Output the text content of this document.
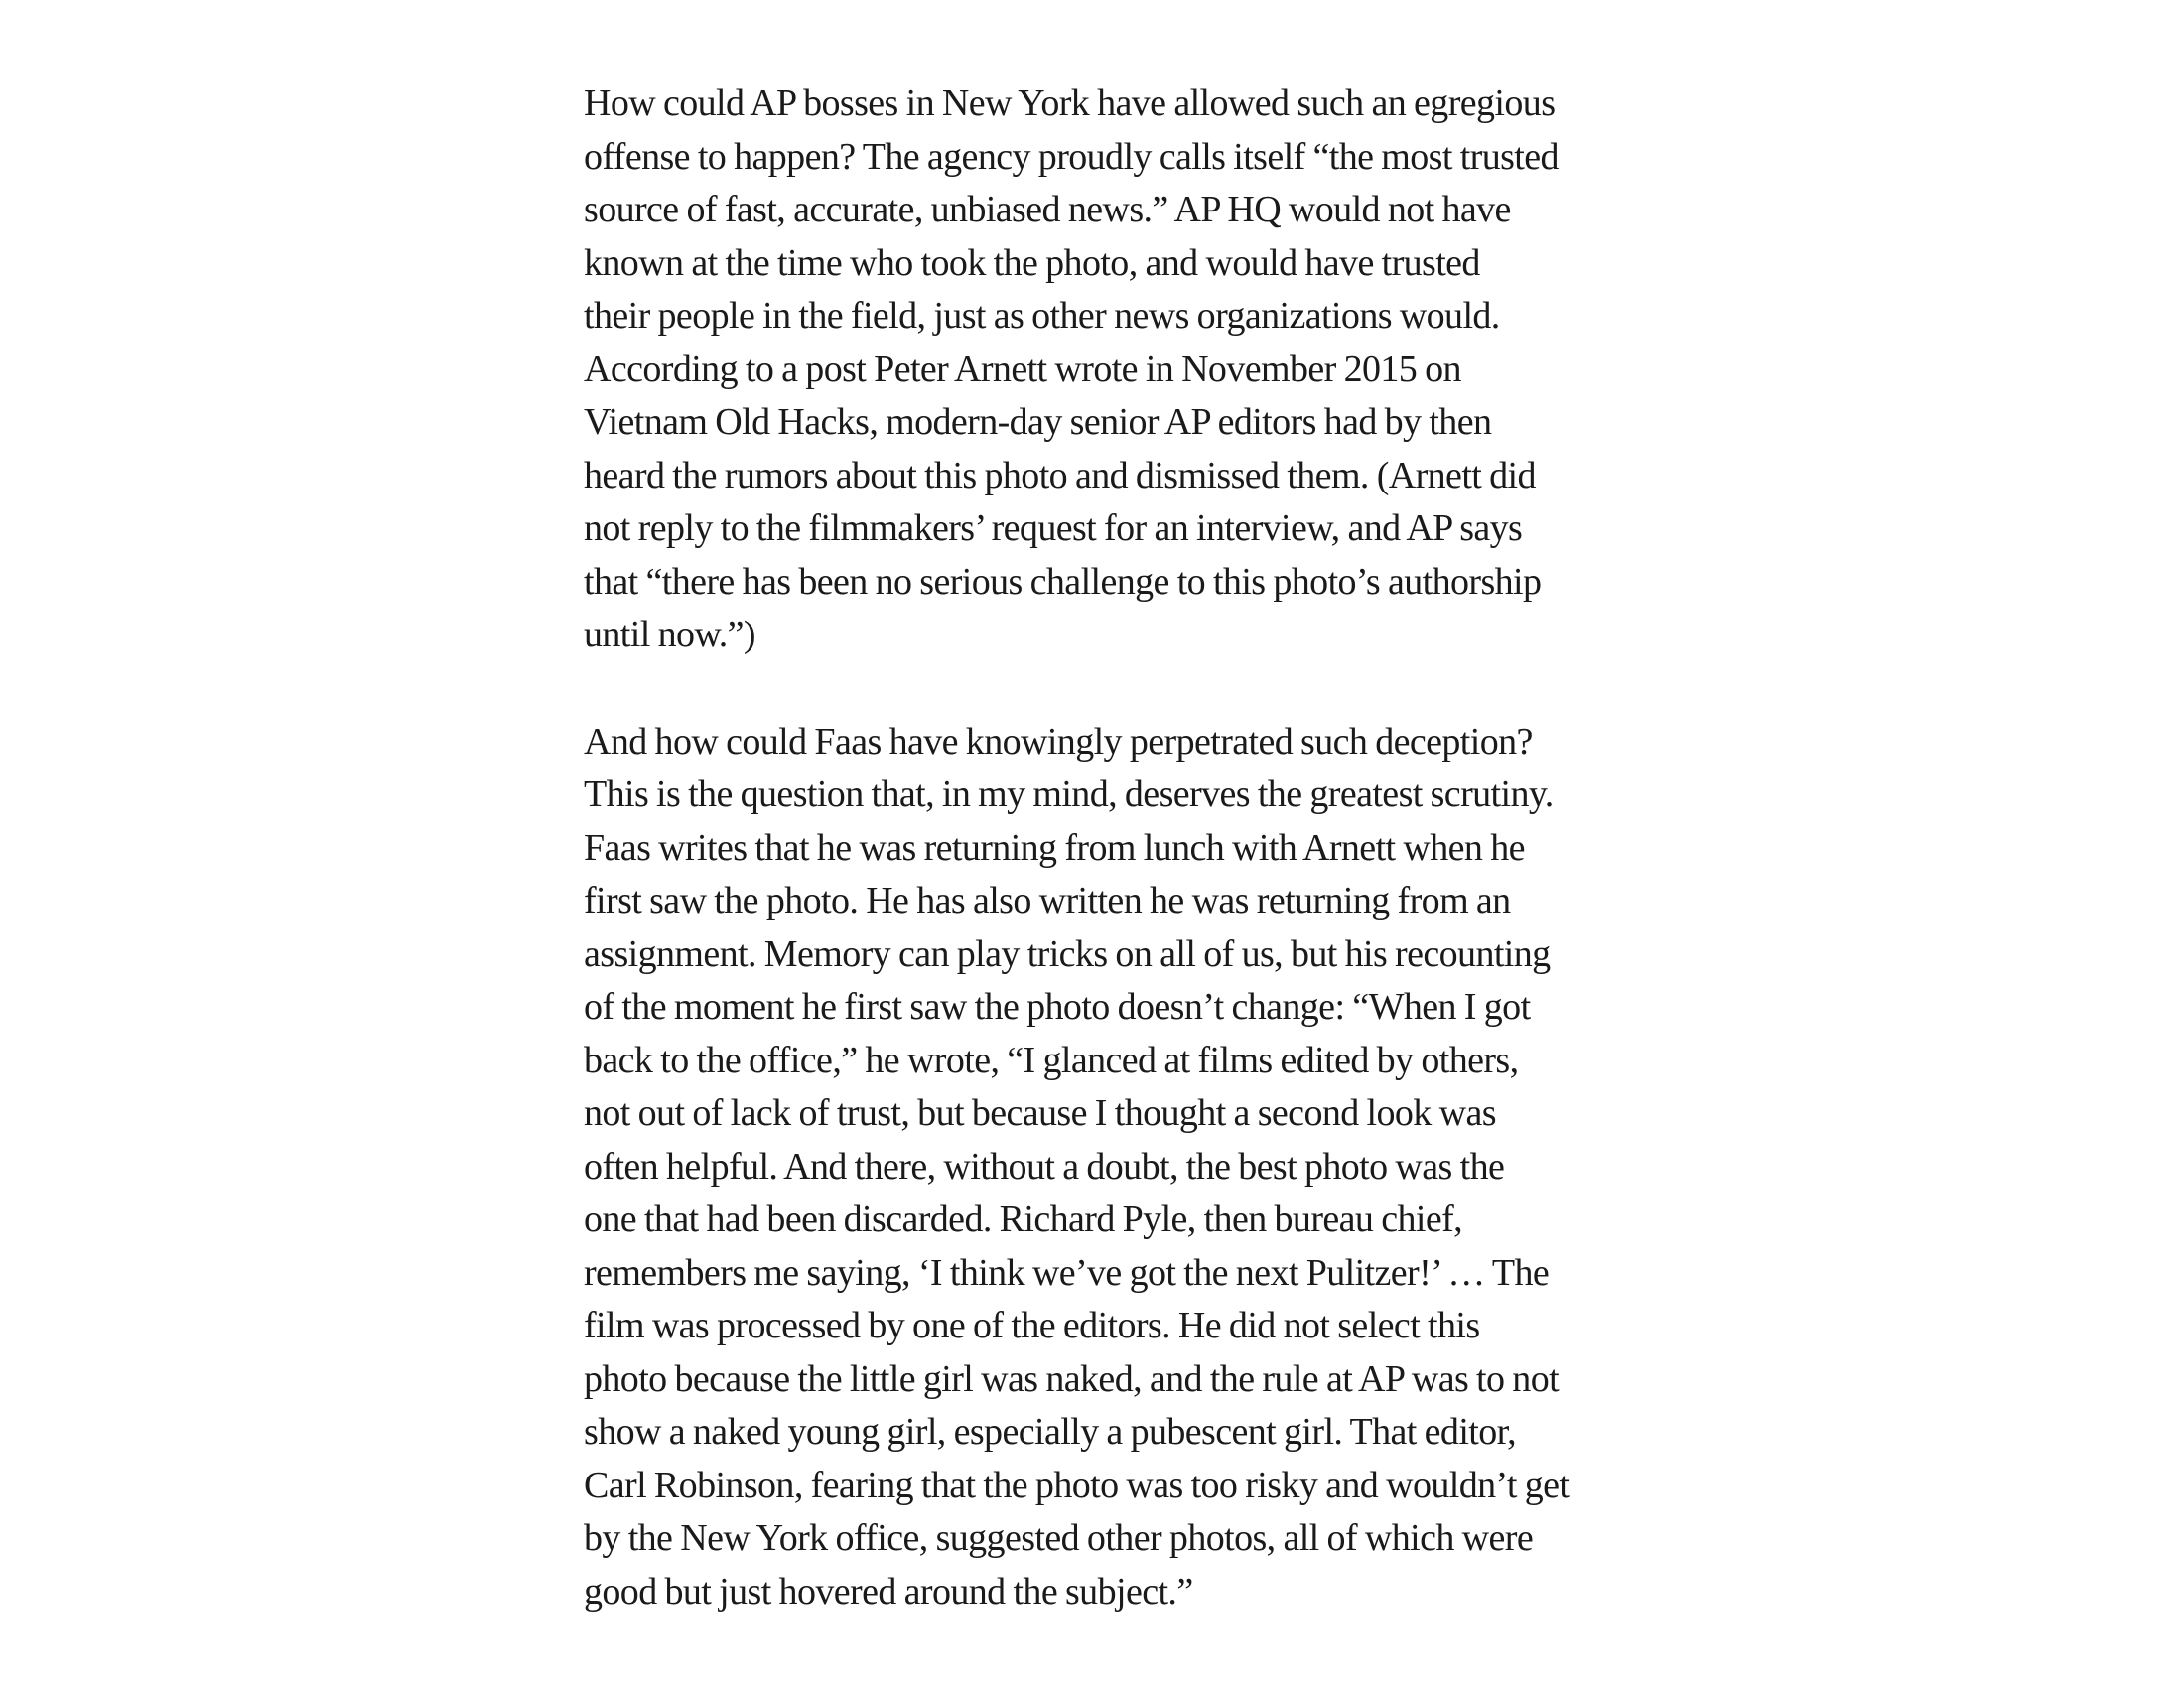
How could AP bosses in New York have allowed such an egregious
offense to happen? The agency proudly calls itself “the most trusted
source of fast, accurate, unbiased news.” AP HQ would not have
known at the time who took the photo, and would have trusted
their people in the field, just as other news organizations would.
According to a post Peter Arnett wrote in November 2015 on
Vietnam Old Hacks, modern-day senior AP editors had by then
heard the rumors about this photo and dismissed them. (Arnett did
not reply to the filmmakers’ request for an interview, and AP says
that “there has been no serious challenge to this photo’s authorship
until now.”)

And how could Faas have knowingly perpetrated such deception?
This is the question that, in my mind, deserves the greatest scrutiny.
Faas writes that he was returning from lunch with Arnett when he
first saw the photo. He has also written he was returning from an
assignment. Memory can play tricks on all of us, but his recounting
of the moment he first saw the photo doesn’t change: “When I got
back to the office,” he wrote, “I glanced at films edited by others,
not out of lack of trust, but because I thought a second look was
often helpful. And there, without a doubt, the best photo was the
one that had been discarded. Richard Pyle, then bureau chief,
remembers me saying, ‘I think we’ve got the next Pulitzer!’ … The
film was processed by one of the editors. He did not select this
photo because the little girl was naked, and the rule at AP was to not
show a naked young girl, especially a pubescent girl. That editor,
Carl Robinson, fearing that the photo was too risky and wouldn’t get
by the New York office, suggested other photos, all of which were
good but just hovered around the subject.”
